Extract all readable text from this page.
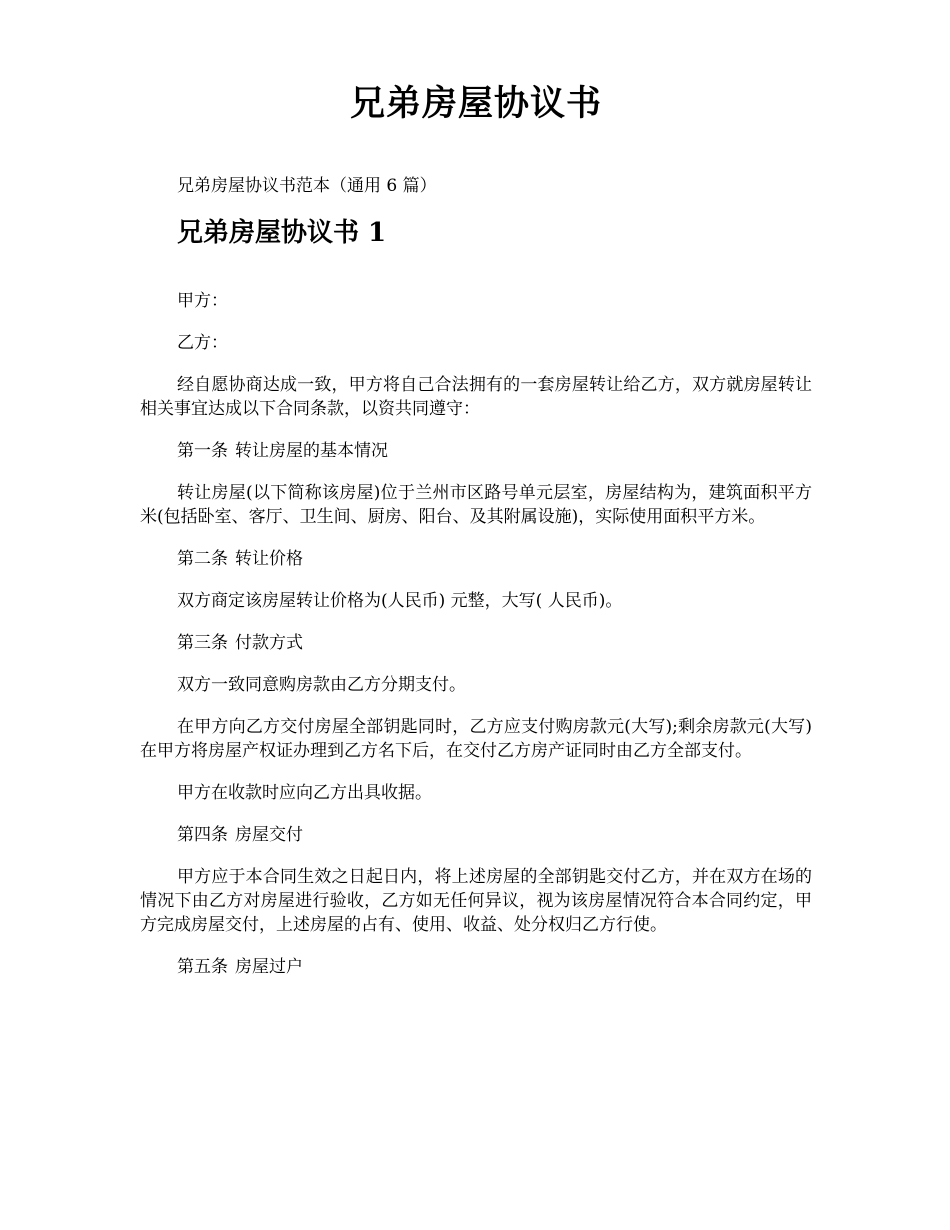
兄弟房屋协议书

兄弟房屋协议书范本（通用 6 篇）

兄弟房屋协议书 1

甲方：

乙方：

经自愿协商达成一致，甲方将自己合法拥有的一套房屋转让给乙方，双方就房屋转让相关事宜达成以下合同条款，以资共同遵守：

第一条 转让房屋的基本情况

转让房屋(以下简称该房屋)位于兰州市区路号单元层室，房屋结构为，建筑面积平方米(包括卧室、客厅、卫生间、厨房、阳台、及其附属设施)，实际使用面积平方米。

第二条 转让价格

双方商定该房屋转让价格为(人民币) 元整，大写( 人民币)。

第三条 付款方式

双方一致同意购房款由乙方分期支付。

在甲方向乙方交付房屋全部钥匙同时，乙方应支付购房款元(大写);剩余房款元(大写)在甲方将房屋产权证办理到乙方名下后，在交付乙方房产证同时由乙方全部支付。

甲方在收款时应向乙方出具收据。

第四条 房屋交付

甲方应于本合同生效之日起日内，将上述房屋的全部钥匙交付乙方，并在双方在场的情况下由乙方对房屋进行验收，乙方如无任何异议，视为该房屋情况符合本合同约定，甲方完成房屋交付，上述房屋的占有、使用、收益、处分权归乙方行使。

第五条 房屋过户
